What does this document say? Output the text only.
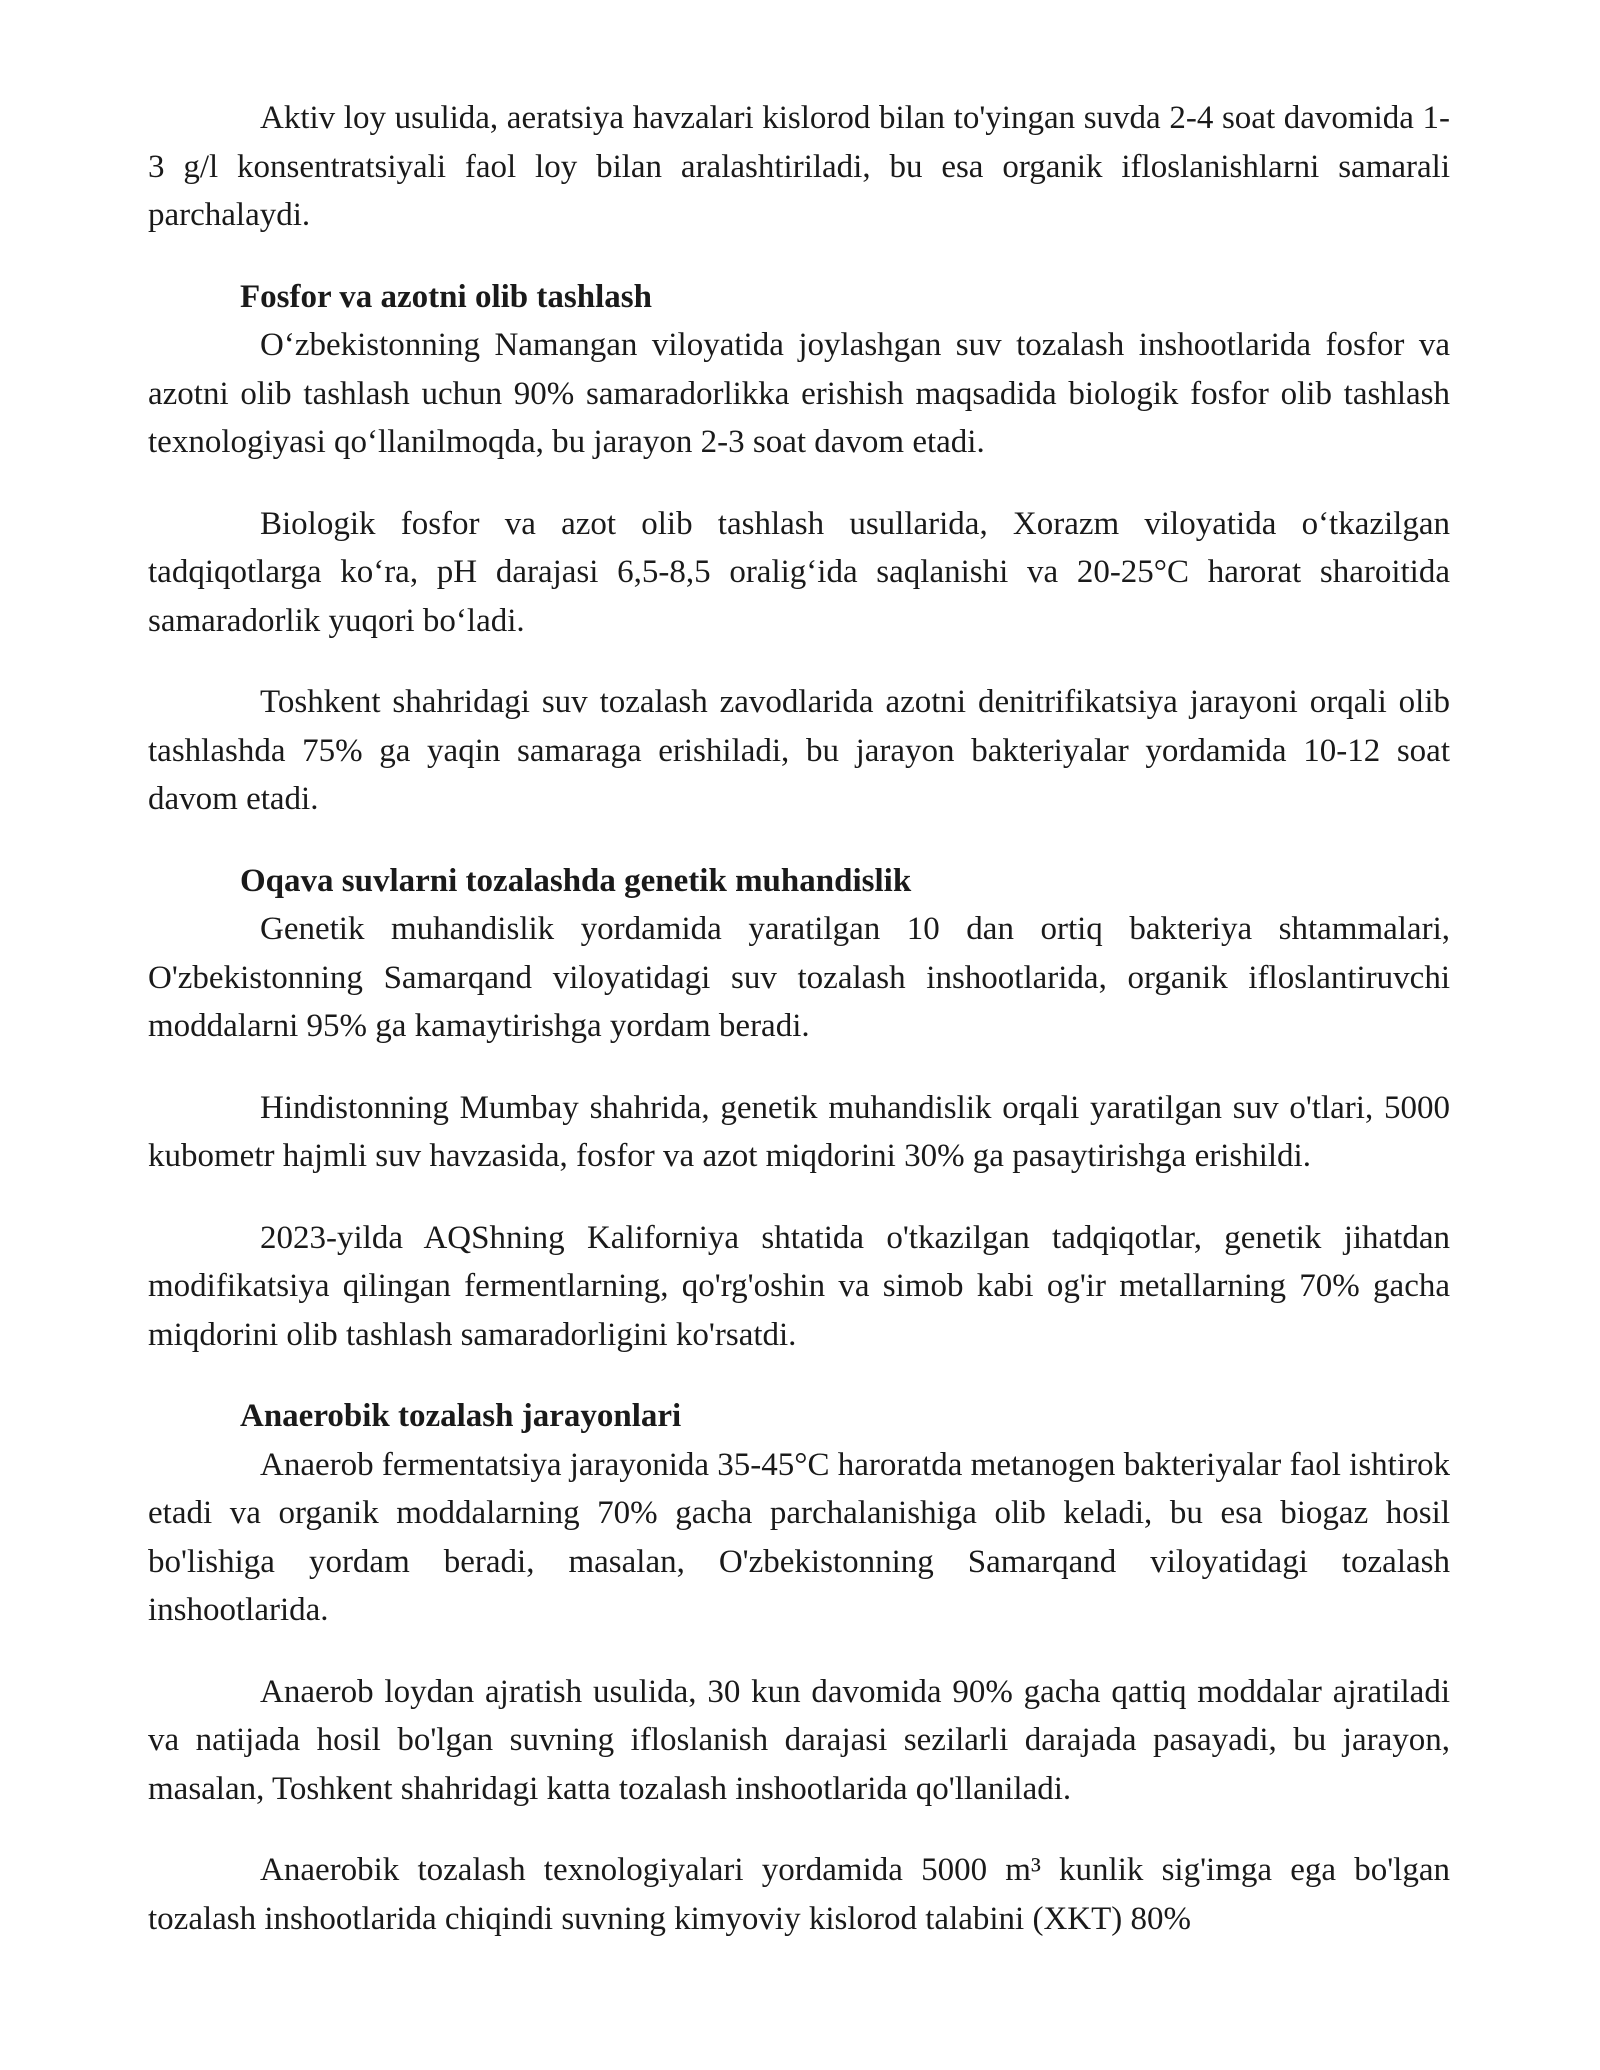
Aktiv loy usulida, aeratsiya havzalari kislorod bilan to'yingan suvda 2-4 soat davomida 1-3 g/l konsentratsiyali faol loy bilan aralashtiriladi, bu esa organik ifloslanishlarni samarali parchalaydi.

Fosfor va azotni olib tashlash

Oʻzbekistonning Namangan viloyatida joylashgan suv tozalash inshootlarida fosfor va azotni olib tashlash uchun 90% samaradorlikka erishish maqsadida biologik fosfor olib tashlash texnologiyasi qoʻllanilmoqda, bu jarayon 2-3 soat davom etadi.

Biologik fosfor va azot olib tashlash usullarida, Xorazm viloyatida oʻtkazilgan tadqiqotlarga koʻra, pH darajasi 6,5-8,5 oraligʻida saqlanishi va 20-25°C harorat sharoitida samaradorlik yuqori boʻladi.

Toshkent shahridagi suv tozalash zavodlarida azotni denitrifikatsiya jarayoni orqali olib tashlashda 75% ga yaqin samaraga erishiladi, bu jarayon bakteriyalar yordamida 10-12 soat davom etadi.

Oqava suvlarni tozalashda genetik muhandislik

Genetik muhandislik yordamida yaratilgan 10 dan ortiq bakteriya shtammalari, O'zbekistonning Samarqand viloyatidagi suv tozalash inshootlarida, organik ifloslantiruvchi moddalarni 95% ga kamaytirishga yordam beradi.

Hindistonning Mumbay shahrida, genetik muhandislik orqali yaratilgan suv o'tlari, 5000 kubometr hajmli suv havzasida, fosfor va azot miqdorini 30% ga pasaytirishga erishildi.

2023-yilda AQShning Kaliforniya shtatida o'tkazilgan tadqiqotlar, genetik jihatdan modifikatsiya qilingan fermentlarning, qo'rg'oshin va simob kabi og'ir metallarning 70% gacha miqdorini olib tashlash samaradorligini ko'rsatdi.

Anaerobik tozalash jarayonlari

Anaerob fermentatsiya jarayonida 35-45°C haroratda metanogen bakteriyalar faol ishtirok etadi va organik moddalarning 70% gacha parchalanishiga olib keladi, bu esa biogaz hosil bo'lishiga yordam beradi, masalan, O'zbekistonning Samarqand viloyatidagi tozalash inshootlarida.

Anaerob loydan ajratish usulida, 30 kun davomida 90% gacha qattiq moddalar ajratiladi va natijada hosil bo'lgan suvning ifloslanish darajasi sezilarli darajada pasayadi, bu jarayon, masalan, Toshkent shahridagi katta tozalash inshootlarida qo'llaniladi.

Anaerobik tozalash texnologiyalari yordamida 5000 m³ kunlik sig'imga ega bo'lgan tozalash inshootlarida chiqindi suvning kimyoviy kislorod talabini (XKT) 80%
